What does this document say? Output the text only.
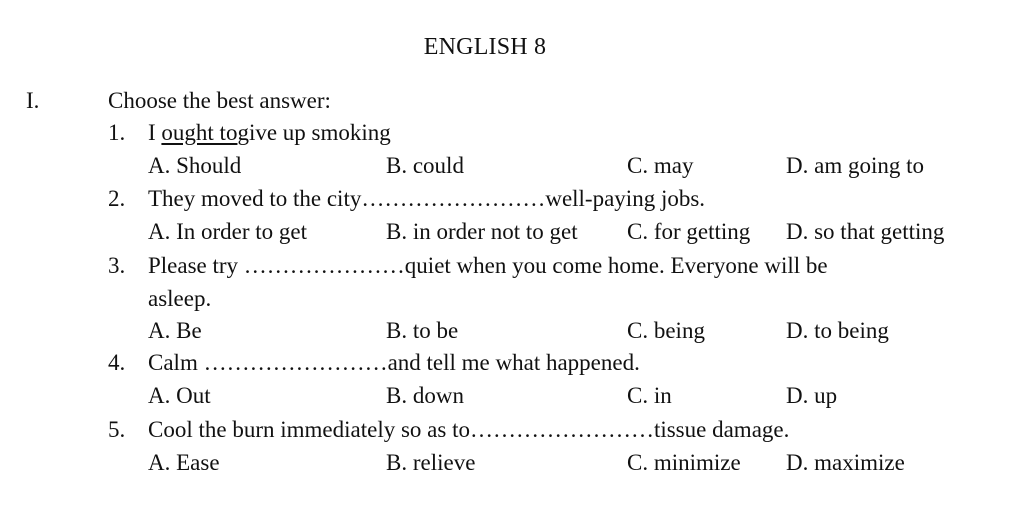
ENGLISH 8
I.	Choose the best answer:
1. I ought togive up smoking
A. Should	B. could	C. may	D. am going to
2. They moved to the city……………………well-paying jobs.
A. In order to get	B. in order not to get C. for getting D. so that getting
3. Please try …………………quiet when you come home. Everyone will be
asleep.
A. Be	B. to be	C. being	D. to being
4. Calm ……………………and tell me what happened.
A. Out	B. down	C. in	D. up
5. Cool the burn immediately so as to……………………tissue damage.
A. Ease	B. relieve	C. minimize D. maximize
